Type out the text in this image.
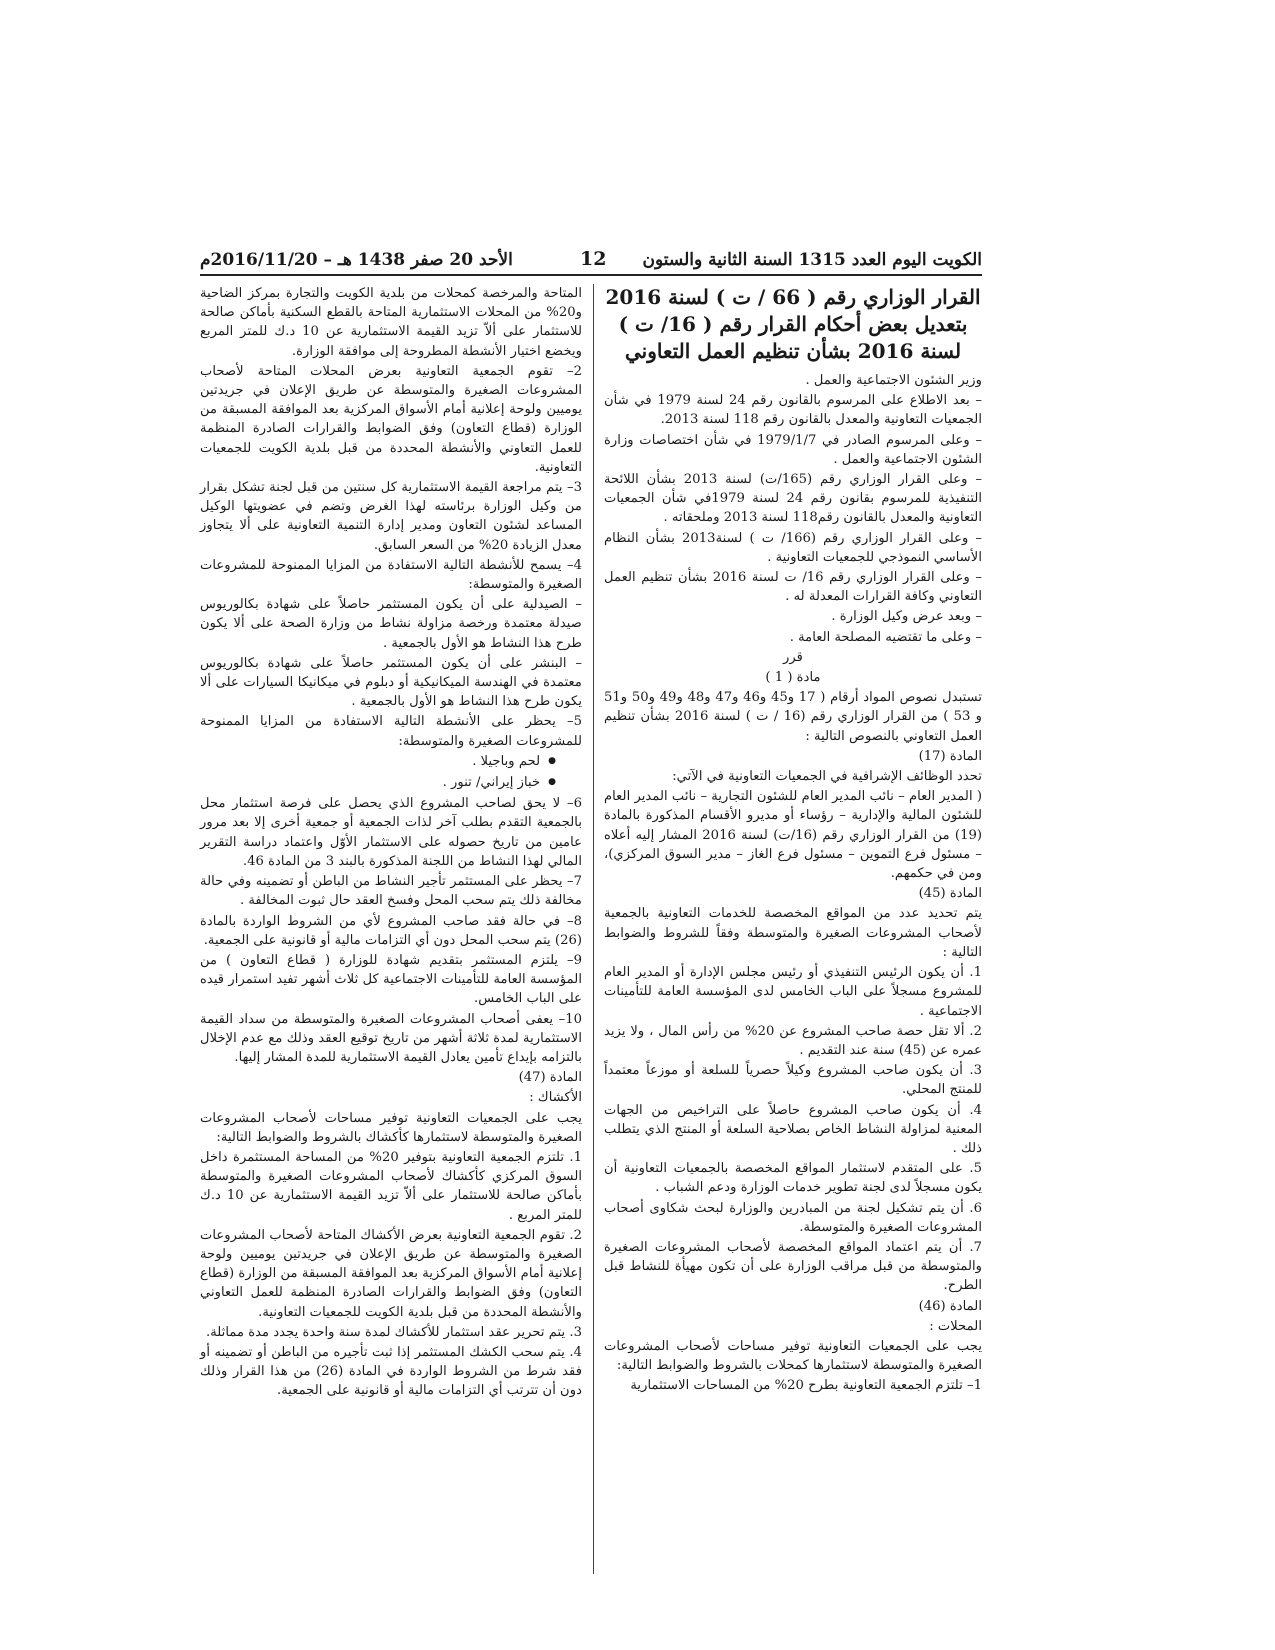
الكويت اليوم العدد 1315 السنة الثانية والستون
12
الأحد 20 صفر 1438 هـ – 2016/11/20م
القرار الوزاري رقم ( 66 / ت ) لسنة 2016
بتعديل بعض أحكام القرار رقم ( 16/ ت )
لسنة 2016 بشأن تنظيم العمل التعاوني

وزير الشئون الاجتماعية والعمل .

– بعد الاطلاع على المرسوم بالقانون رقم 24 لسنة 1979 في شأن الجمعيات التعاونية والمعدل بالقانون رقم 118 لسنة 2013.

– وعلى المرسوم الصادر في 1979/1/7 في شأن اختصاصات وزارة الشئون الاجتماعية والعمل .

– وعلى القرار الوزاري رقم (165/ت) لسنة 2013 بشأن اللائحة التنفيذية للمرسوم بقانون رقم 24 لسنة 1979في شأن الجمعيات التعاونية والمعدل بالقانون رقم118 لسنة 2013 وملحقاته .

– وعلى القرار الوزاري رقم (166/ ت ) لسنة2013 بشأن النظام الأساسي النموذجي للجمعيات التعاونية .

– وعلى القرار الوزاري رقم 16/ ت لسنة 2016 بشأن تنظيم العمل التعاوني وكافة القرارات المعدلة له .

– وبعد عرض وكيل الوزارة .

– وعلى ما تقتضيه المصلحة العامة .

قرر

مادة ( 1 )

تستبدل نصوص المواد أرقام ( 17 و45 و46 و47 و48 و49 و50 و51 و 53 ) من القرار الوزاري رقم (16 / ت ) لسنة 2016 بشأن تنظيم العمل التعاوني بالنصوص التالية :

المادة (17)

تحدد الوظائف الإشرافية في الجمعيات التعاونية في الآتي:

( المدير العام – نائب المدير العام للشئون التجارية – نائب المدير العام للشئون المالية والإدارية – رؤساء أو مديرو الأقسام المذكورة بالمادة (19) من القرار الوزاري رقم (16/ت) لسنة 2016 المشار إليه أعلاه – مسئول فرع التموين – مسئول فرع الغاز – مدير السوق المركزي)، ومن في حكمهم.

المادة (45)

يتم تحديد عدد من المواقع المخصصة للخدمات التعاونية بالجمعية لأصحاب المشروعات الصغيرة والمتوسطة وفقاً للشروط والضوابط التالية :

1. أن يكون الرئيس التنفيذي أو رئيس مجلس الإدارة أو المدير العام للمشروع مسجلاً على الباب الخامس لدى المؤسسة العامة للتأمينات الاجتماعية .

2. ألا تقل حصة صاحب المشروع عن 20% من رأس المال ، ولا يزيد عمره عن (45) سنة عند التقديم .

3. أن يكون صاحب المشروع وكيلاً حصرياً للسلعة أو موزعاً معتمداً للمنتج المحلي.

4. أن يكون صاحب المشروع حاصلاً على التراخيص من الجهات المعنية لمزاولة النشاط الخاص بصلاحية السلعة أو المنتج الذي يتطلب ذلك .

5. على المتقدم لاستثمار المواقع المخصصة بالجمعيات التعاونية أن يكون مسجلاً لدى لجنة تطوير خدمات الوزارة ودعم الشباب .

6. أن يتم تشكيل لجنة من المبادرين والوزارة لبحث شكاوى أصحاب المشروعات الصغيرة والمتوسطة.

7. أن يتم اعتماد المواقع المخصصة لأصحاب المشروعات الصغيرة والمتوسطة من قبل مراقب الوزارة على أن تكون مهيأة للنشاط قبل الطرح.

المادة (46)

المحلات :

يجب على الجمعيات التعاونية توفير مساحات لأصحاب المشروعات الصغيرة والمتوسطة لاستثمارها كمحلات بالشروط والضوابط التالية:

1– تلتزم الجمعية التعاونية بطرح 20% من المساحات الاستثمارية

المتاحة والمرخصة كمحلات من بلدية الكويت والتجارة بمركز الضاحية و20% من المحلات الاستثمارية المتاحة بالقطع السكنية بأماكن صالحة للاستثمار على ألاّ تزيد القيمة الاستثمارية عن 10 د.ك للمتر المربع ويخضع اختيار الأنشطة المطروحة إلى موافقة الوزارة.

2– تقوم الجمعية التعاونية بعرض المحلات المتاحة لأصحاب المشروعات الصغيرة والمتوسطة عن طريق الإعلان في جريدتين يوميين ولوحة إعلانية أمام الأسواق المركزية بعد الموافقة المسبقة من الوزارة (قطاع التعاون) وفق الضوابط والقرارات الصادرة المنظمة للعمل التعاوني والأنشطة المحددة من قبل بلدية الكويت للجمعيات التعاونية.

3– يتم مراجعة القيمة الاستثمارية كل سنتين من قبل لجنة تشكل بقرار من وكيل الوزارة برئاسته لهذا الغرض وتضم في عضويتها الوكيل المساعد لشئون التعاون ومدير إدارة التنمية التعاونية على ألا يتجاوز معدل الزيادة 20% من السعر السابق.

4– يسمح للأنشطة التالية الاستفادة من المزايا الممنوحة للمشروعات الصغيرة والمتوسطة:

– الصيدلية على أن يكون المستثمر حاصلاً على شهادة بكالوريوس صيدلة معتمدة ورخصة مزاولة نشاط من وزارة الصحة على ألا يكون طرح هذا النشاط هو الأول بالجمعية .

– البنشر على أن يكون المستثمر حاصلاً على شهادة بكالوريوس معتمدة في الهندسة الميكانيكية أو دبلوم في ميكانيكا السيارات على ألا يكون طرح هذا النشاط هو الأول بالجمعية .

5– يحظر على الأنشطة التالية الاستفادة من المزايا الممنوحة للمشروعات الصغيرة والمتوسطة:

● لحم وباجيلا .
● خباز إيراني/ تنور .

6– لا يحق لصاحب المشروع الذي يحصل على فرصة استثمار محل بالجمعية التقدم بطلب آخر لذات الجمعية أو جمعية أخرى إلا بعد مرور عامين من تاريخ حصوله على الاستثمار الأوّل واعتماد دراسة التقرير المالي لهذا النشاط من اللجنة المذكورة بالبند 3 من المادة 46.

7– يحظر على المستثمر تأجير النشاط من الباطن أو تضمينه وفي حالة مخالفة ذلك يتم سحب المحل وفسخ العقد حال ثبوت المخالفة .

8– في حالة فقد صاحب المشروع لأي من الشروط الواردة بالمادة (26) يتم سحب المحل دون أي التزامات مالية أو قانونية على الجمعية.

9– يلتزم المستثمر بتقديم شهادة للوزارة ( قطاع التعاون ) من المؤسسة العامة للتأمينات الاجتماعية كل ثلاث أشهر تفيد استمرار قيده على الباب الخامس.

10– يعفى أصحاب المشروعات الصغيرة والمتوسطة من سداد القيمة الاستثمارية لمدة ثلاثة أشهر من تاريخ توقيع العقد وذلك مع عدم الإخلال بالتزامه بإيداع تأمين يعادل القيمة الاستثمارية للمدة المشار إليها.

المادة (47)

الأكشاك :

يجب على الجمعيات التعاونية توفير مساحات لأصحاب المشروعات الصغيرة والمتوسطة لاستثمارها كأكشاك بالشروط والضوابط التالية:

1. تلتزم الجمعية التعاونية بتوفير 20% من المساحة المستثمرة داخل السوق المركزي كأكشاك لأصحاب المشروعات الصغيرة والمتوسطة بأماكن صالحة للاستثمار على ألاّ تزيد القيمة الاستثمارية عن 10 د.ك للمتر المربع .

2. تقوم الجمعية التعاونية بعرض الأكشاك المتاحة لأصحاب المشروعات الصغيرة والمتوسطة عن طريق الإعلان في جريدتين يوميين ولوحة إعلانية أمام الأسواق المركزية بعد الموافقة المسبقة من الوزارة (قطاع التعاون) وفق الضوابط والقرارات الصادرة المنظمة للعمل التعاوني والأنشطة المحددة من قبل بلدية الكويت للجمعيات التعاونية.

3. يتم تحرير عقد استثمار للأكشاك لمدة سنة واحدة يجدد مدة مماثلة.

4. يتم سحب الكشك المستثمر إذا ثبت تأجيره من الباطن أو تضمينه أو فقد شرط من الشروط الواردة في المادة (26) من هذا القرار وذلك دون أن تترتب أي التزامات مالية أو قانونية على الجمعية.
